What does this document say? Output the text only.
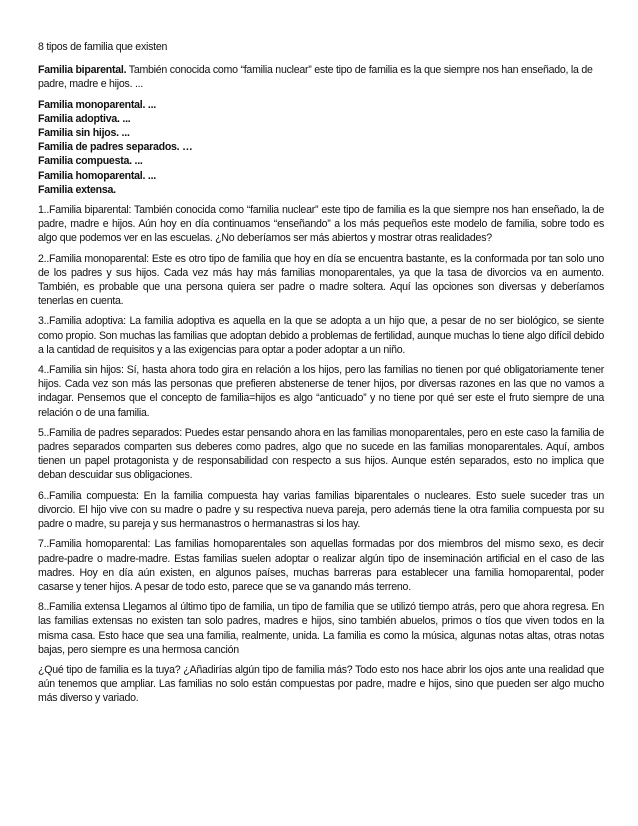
8 tipos de familia que existen
Familia biparental. También conocida como “familia nuclear” este tipo de familia es la que siempre nos han enseñado, la de padre, madre e hijos. ...
Familia monoparental. ...
Familia adoptiva. ...
Familia sin hijos. ...
Familia de padres separados. …
Familia compuesta. ...
Familia homoparental. ...
Familia extensa.
1..Familia biparental: También conocida como “familia nuclear” este tipo de familia es la que siempre nos han enseñado, la de padre, madre e hijos. Aún hoy en día continuamos “enseñando” a los más pequeños este modelo de familia, sobre todo es algo que podemos ver en las escuelas. ¿No deberíamos ser más abiertos y mostrar otras realidades?
2..Familia monoparental: Este es otro tipo de familia que hoy en día se encuentra bastante, es la conformada por tan solo uno de los padres y sus hijos. Cada vez más hay más familias monoparentales, ya que la tasa de divorcios va en aumento. También, es probable que una persona quiera ser padre o madre soltera. Aquí las opciones son diversas y deberíamos tenerlas en cuenta.
3..Familia adoptiva: La familia adoptiva es aquella en la que se adopta a un hijo que, a pesar de no ser biológico, se siente como propio. Son muchas las familias que adoptan debido a problemas de fertilidad, aunque muchas lo tiene algo difícil debido a la cantidad de requisitos y a las exigencias para optar a poder adoptar a un niño.
4..Familia sin hijos: Sí, hasta ahora todo gira en relación a los hijos, pero las familias no tienen por qué obligatoriamente tener hijos. Cada vez son más las personas que prefieren abstenerse de tener hijos, por diversas razones en las que no vamos a indagar. Pensemos que el concepto de familia=hijos es algo “anticuado” y no tiene por qué ser este el fruto siempre de una relación o de una familia.
5..Familia de padres separados: Puedes estar pensando ahora en las familias monoparentales, pero en este caso la familia de padres separados comparten sus deberes como padres, algo que no sucede en las familias monoparentales. Aquí, ambos tienen un papel protagonista y de responsabilidad con respecto a sus hijos. Aunque estén separados, esto no implica que deban descuidar sus obligaciones.
6..Familia compuesta: En la familia compuesta hay varias familias biparentales o nucleares. Esto suele suceder tras un divorcio. El hijo vive con su madre o padre y su respectiva nueva pareja, pero además tiene la otra familia compuesta por su padre o madre, su pareja y sus hermanastros o hermanastras si los hay.
7..Familia homoparental: Las familias homoparentales son aquellas formadas por dos miembros del mismo sexo, es decir padre-padre o madre-madre. Estas familias suelen adoptar o realizar algún tipo de inseminación artificial en el caso de las madres. Hoy en día aún existen, en algunos países, muchas barreras para establecer una familia homoparental, poder casarse y tener hijos. A pesar de todo esto, parece que se va ganando más terreno.
8..Familia extensa Llegamos al último tipo de familia, un tipo de familia que se utilizó tiempo atrás, pero que ahora regresa. En las familias extensas no existen tan solo padres, madres e hijos, sino también abuelos, primos o tíos que viven todos en la misma casa. Esto hace que sea una familia, realmente, unida. La familia es como la música, algunas notas altas, otras notas bajas, pero siempre es una hermosa canción
¿Qué tipo de familia es la tuya? ¿Añadirías algún tipo de familia más? Todo esto nos hace abrir los ojos ante una realidad que aún tenemos que ampliar. Las familias no solo están compuestas por padre, madre e hijos, sino que pueden ser algo mucho más diverso y variado.
